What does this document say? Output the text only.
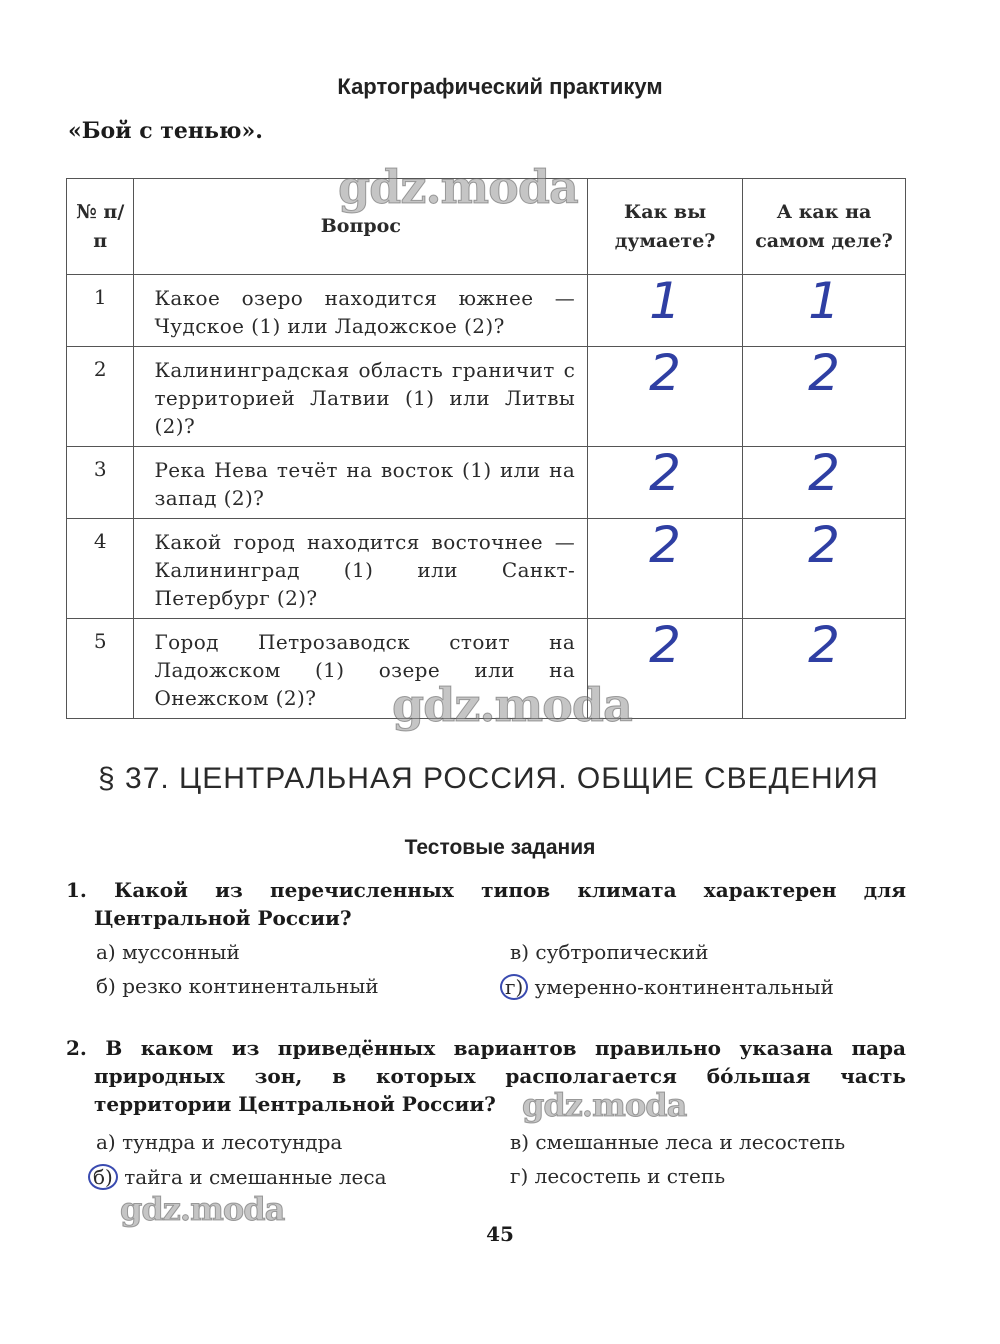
Картографический практикум
«Бой с тенью».
№ п/п	Вопрос	Как вы думаете?	А как на самом деле?
1	Какое озеро находится южнее — Чудское (1) или Ладожское (2)?	1	1
2	Калининградская область граничит с территорией Латвии (1) или Литвы (2)?	2	2
3	Река Нева течёт на восток (1) или на запад (2)?	2	2
4	Какой город находится восточнее — Калининград (1) или Санкт-Петербург (2)?	2	2
5	Город Петрозаводск стоит на Ладожском (1) озере или на Онежском (2)?	2	2
gdz.moda
gdz.moda
gdz.moda
gdz.moda
§ 37. ЦЕНТРАЛЬНАЯ РОССИЯ. ОБЩИЕ СВЕДЕНИЯ
Тестовые задания
1. Какой из перечисленных типов климата характерен для Центральной России?
а) муссонный	в) субтропический
б) резко континентальный	г) умеренно-континентальный
2. В каком из приведённых вариантов правильно указана пара природных зон, в которых располагается бо́льшая часть территории Центральной России?
а) тундра и лесотундра	в) смешанные леса и лесостепь
б) тайга и смешанные леса	г) лесостепь и степь
45
